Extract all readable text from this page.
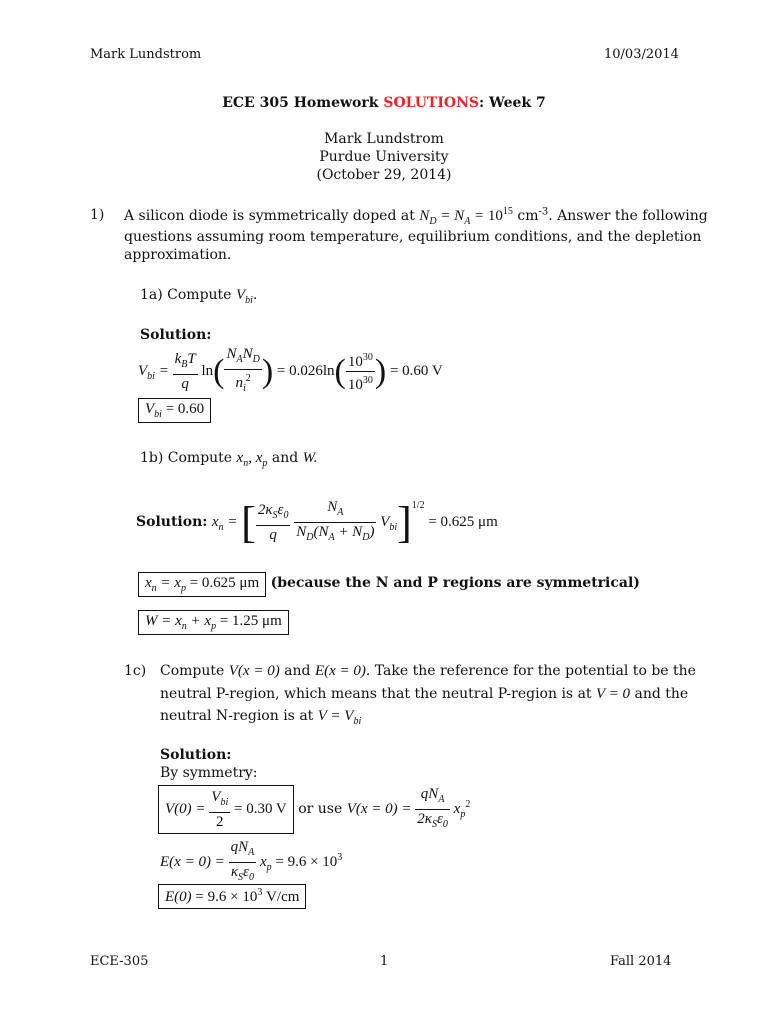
Mark Lundstrom	10/03/2014
ECE 305 Homework SOLUTIONS: Week 7
Mark Lundstrom
Purdue University
(October 29, 2014)
1) A silicon diode is symmetrically doped at $N_D = N_A = 10^{15}$ $cm^{-3}$. Answer the following
questions assuming room temperature, equilibrium conditions, and the depletion
approximation.
1a) Compute $V_{bi}$.
Solution:
$V_{bi} = \frac{k_BT}{q} \ln( \frac{N_AN_D}{n_i^2}$ ) = $0.026\ln( \frac{10^{30}}{10^{30}}$ ) = 0.60 V
$V_{bi} = 0.60$
1b) Compute $x_n$, $x_p$ and W.
Solution: $x_n$ = [ $\frac{2\kappa_S\varepsilon_0}{q}$
$\frac{N_A}{N_D(N_A + N_D)} V_{bi}]^{1/2} = 0.625$ μm
$x_n = x_p = 0.625$ μm (because the N and P regions are symmetrical)
$W = x_n + x_p = 1.25$ μm
1c) Compute V(x = 0) and E(x = 0). Take the reference for the potential to be the
neutral P-region, which means that the neutral P-region is at V = 0 and the
neutral N-region is at $V = V_{bi}$
Solution:
By symmetry:
$V(0) = \frac{V_{bi}}{2} = 0.30$ V or use $V(x = 0) = \frac{qN_A}{2\kappa_S\varepsilon_0} x_p^2$
$E(x = 0) = \frac{qN_A}{\kappa_S\varepsilon_0} x_p = 9.6 \times 10^3$
$E(0) = 9.6 \times 10^3$ V/cm
ECE-305	1	Fall 2014
